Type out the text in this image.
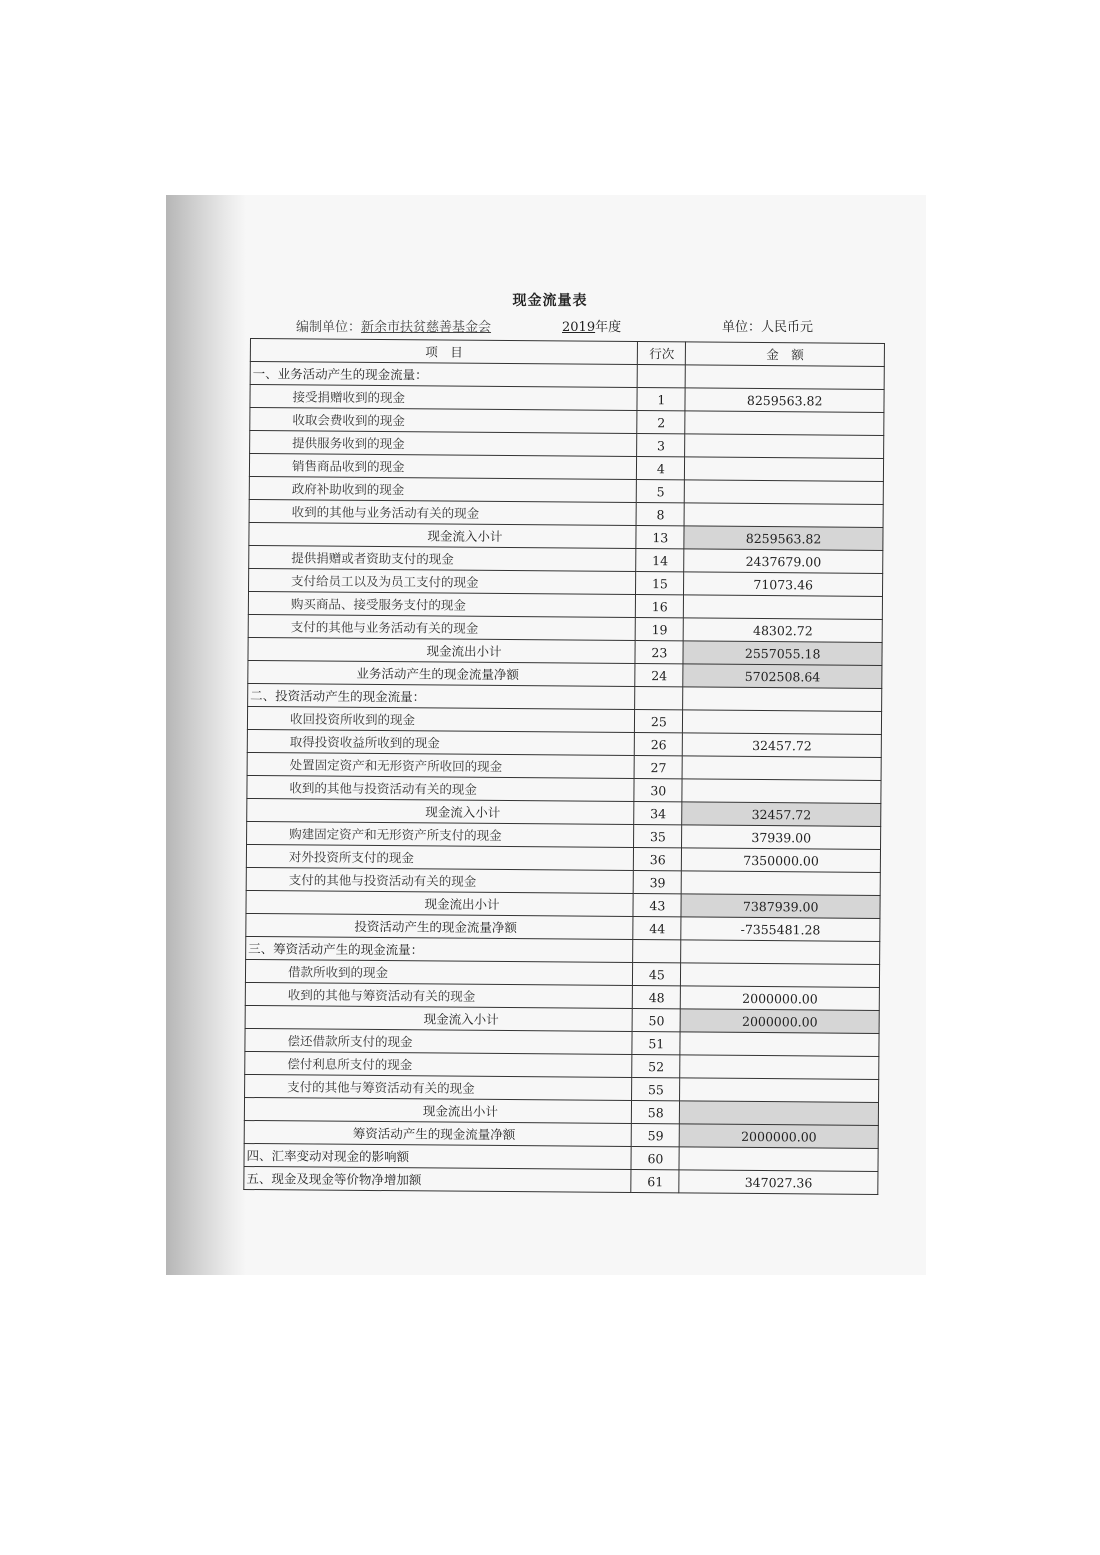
现金流量表
编制单位：新余市扶贫慈善基金会	2019年度	单位：人民币元
项　目	行次	金　额
一、业务活动产生的现金流量：		
接受捐赠收到的现金	1	8259563.82
收取会费收到的现金	2	
提供服务收到的现金	3	
销售商品收到的现金	4	
政府补助收到的现金	5	
收到的其他与业务活动有关的现金	8	
现金流入小计	13	8259563.82
提供捐赠或者资助支付的现金	14	2437679.00
支付给员工以及为员工支付的现金	15	71073.46
购买商品、接受服务支付的现金	16	
支付的其他与业务活动有关的现金	19	48302.72
现金流出小计	23	2557055.18
业务活动产生的现金流量净额	24	5702508.64
二、投资活动产生的现金流量：		
收回投资所收到的现金	25	
取得投资收益所收到的现金	26	32457.72
处置固定资产和无形资产所收回的现金	27	
收到的其他与投资活动有关的现金	30	
现金流入小计	34	32457.72
购建固定资产和无形资产所支付的现金	35	37939.00
对外投资所支付的现金	36	7350000.00
支付的其他与投资活动有关的现金	39	
现金流出小计	43	7387939.00
投资活动产生的现金流量净额	44	-7355481.28
三、筹资活动产生的现金流量：		
借款所收到的现金	45	
收到的其他与筹资活动有关的现金	48	2000000.00
现金流入小计	50	2000000.00
偿还借款所支付的现金	51	
偿付利息所支付的现金	52	
支付的其他与筹资活动有关的现金	55	
现金流出小计	58	
筹资活动产生的现金流量净额	59	2000000.00
四、汇率变动对现金的影响额	60	
五、现金及现金等价物净增加额	61	347027.36
